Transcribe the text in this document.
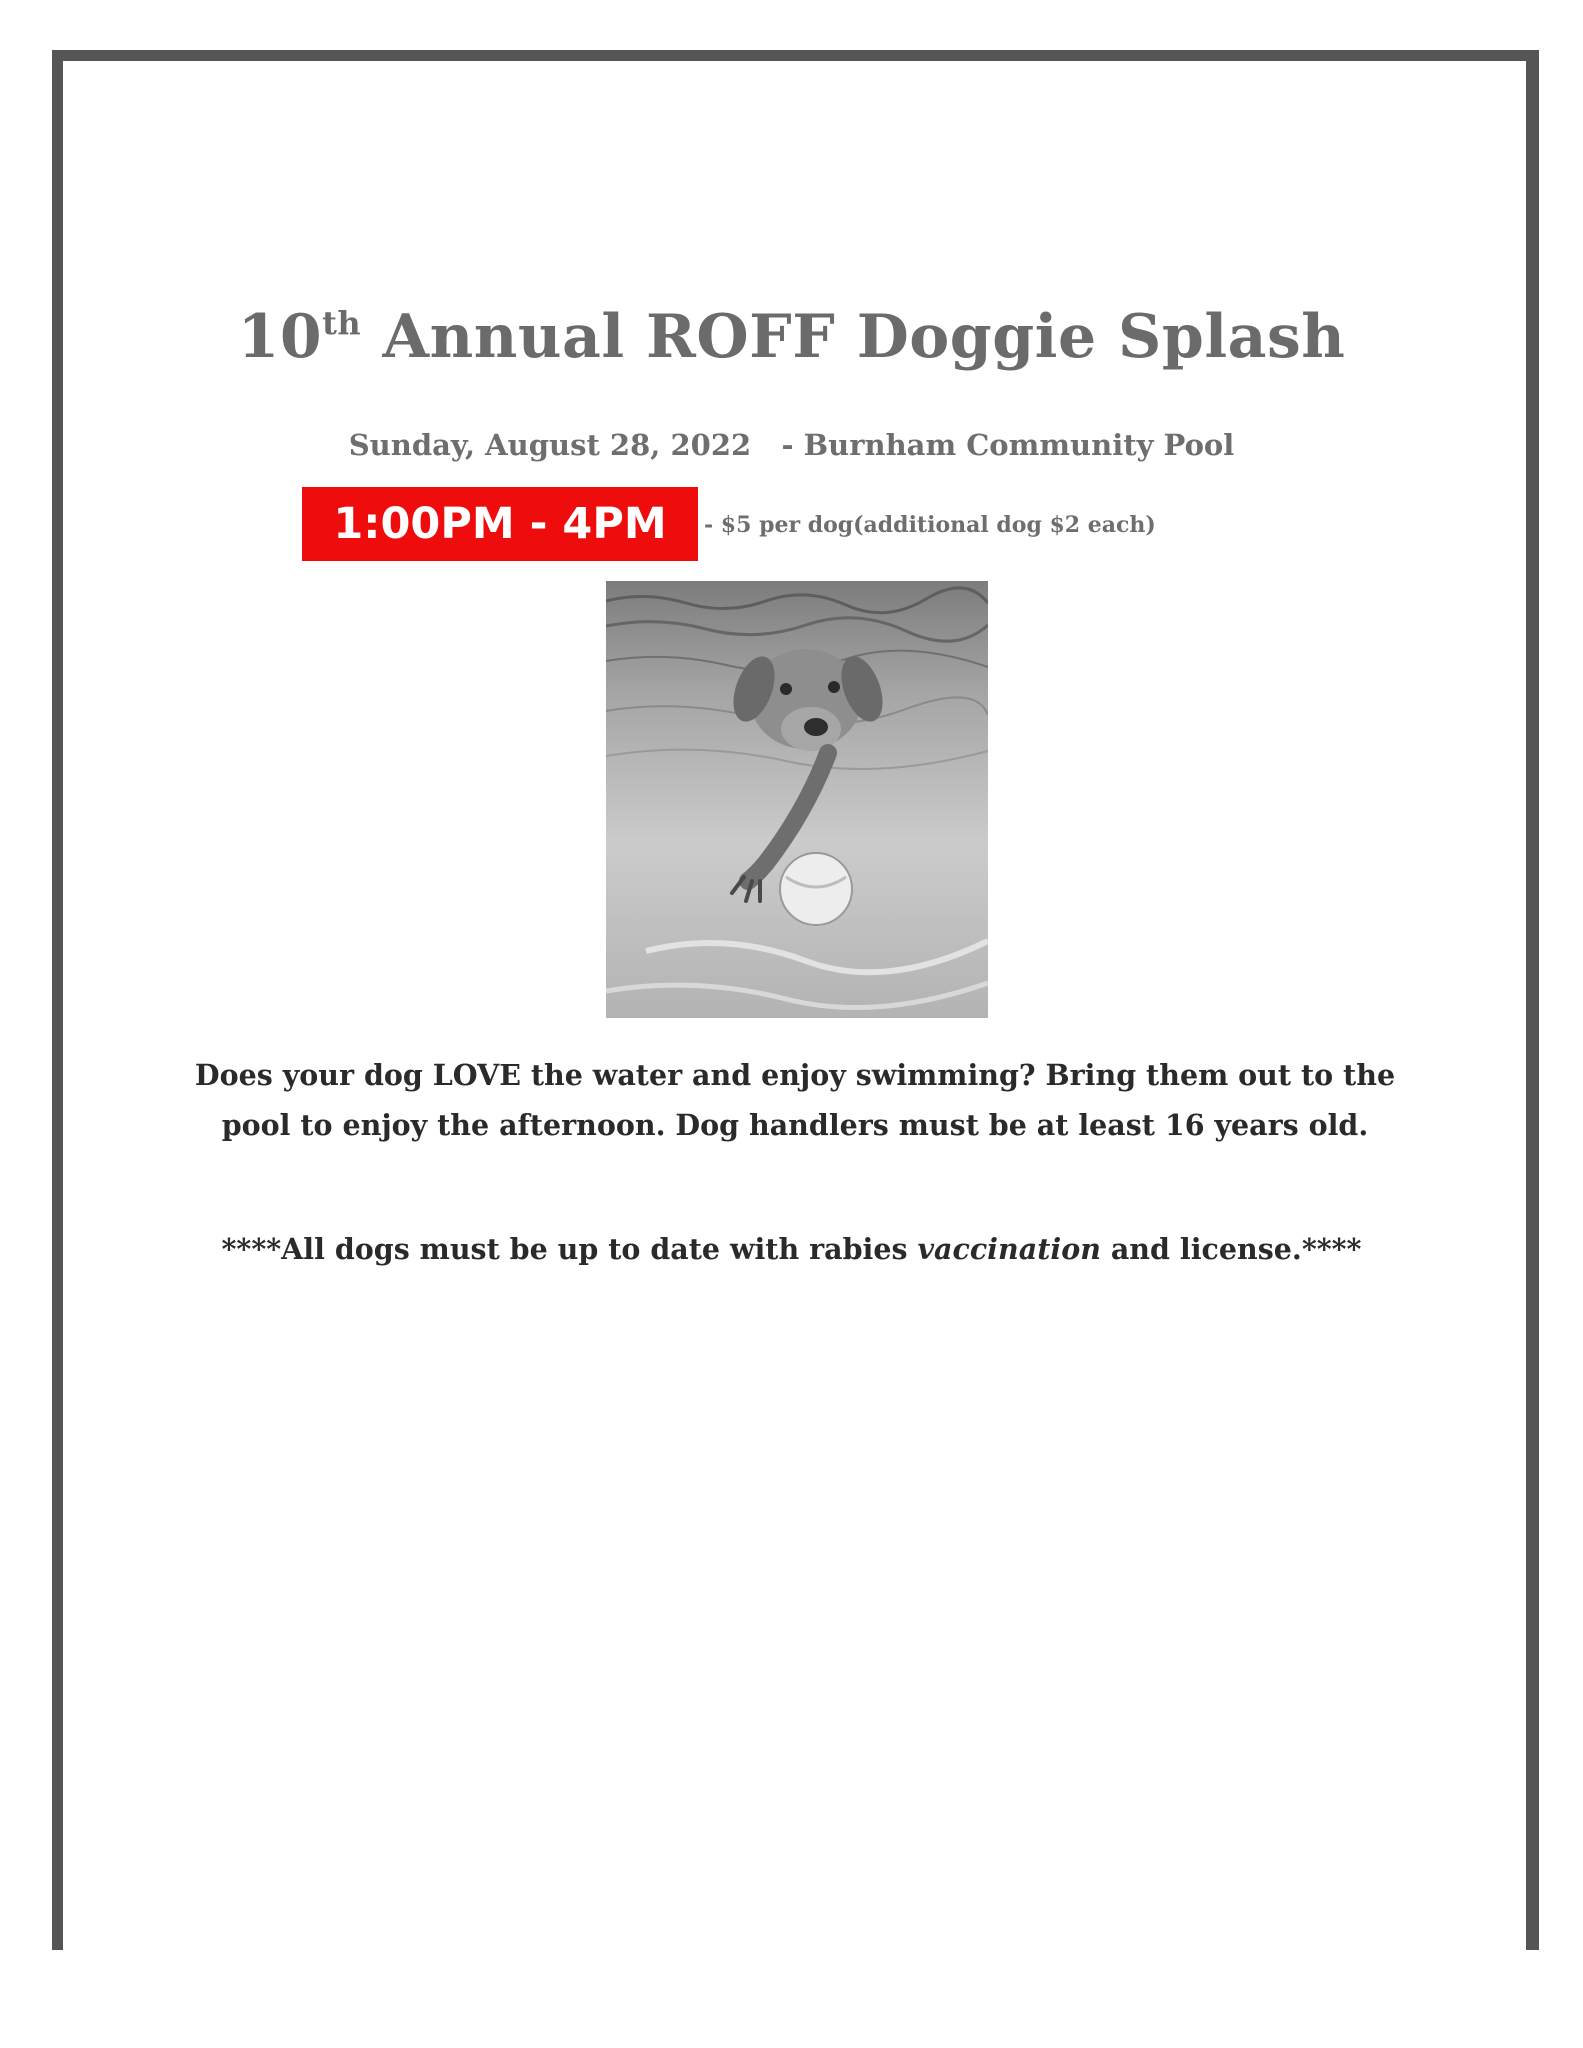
10th Annual ROFF Doggie Splash
Sunday, August 28, 2022   - Burnham Community Pool
1:00PM - 4PM	- $5 per dog(additional dog $2 each)
Does your dog LOVE the water and enjoy swimming? Bring them out to the pool to enjoy the afternoon. Dog handlers must be at least 16 years old.
****All dogs must be up to date with rabies vaccination and license.****
